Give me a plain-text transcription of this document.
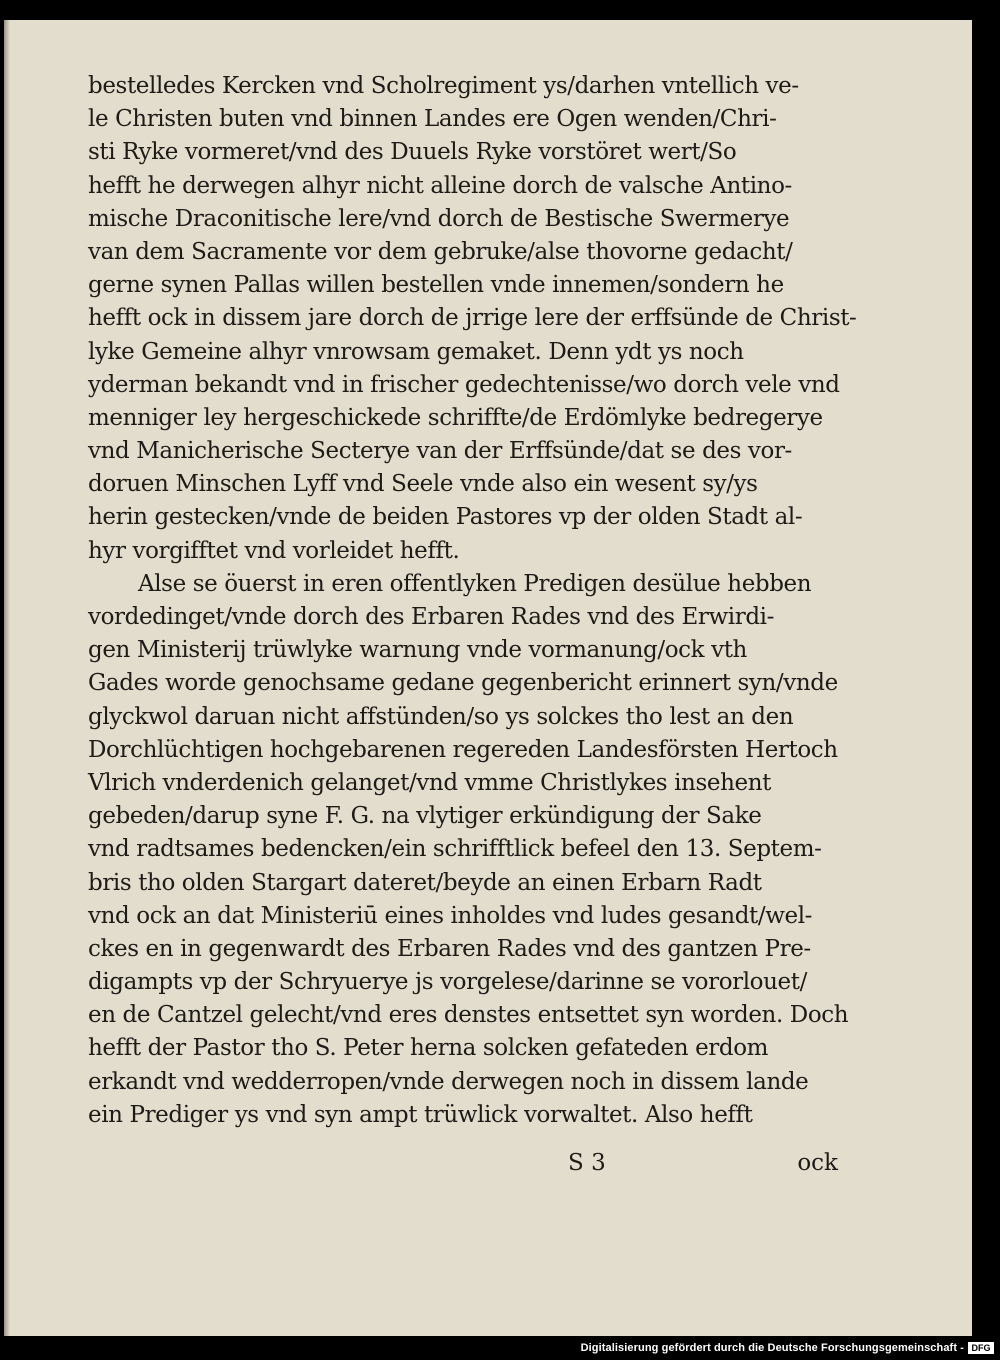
bestelledes Kercken vnd Scholregiment ys/darhen vntellich ve-
le Christen buten vnd binnen Landes ere Ogen wenden/Chri-
sti Ryke vormeret/vnd des Duuels Ryke vorstöret wert/So
hefft he derwegen alhyr nicht alleine dorch de valsche Antino-
mische Draconitische lere/vnd dorch de Bestische Swermerye
van dem Sacramente vor dem gebruke/alse thovorne gedacht/
gerne synen Pallas willen bestellen vnde innemen/sondern he
hefft ock in dissem jare dorch de jrrige lere der erffsünde de Christ-
lyke Gemeine alhyr vnrowsam gemaket. Denn ydt ys noch
yderman bekandt vnd in frischer gedechtenisse/wo dorch vele vnd
menniger ley hergeschickede schriffte/de Erdömlyke bedregerye
vnd Manicherische Secterye van der Erffsünde/dat se des vor-
doruen Minschen Lyff vnd Seele vnde also ein wesent sy/ys
herin gestecken/vnde de beiden Pastores vp der olden Stadt al-
hyr vorgifftet vnd vorleidet hefft.
Alse se öuerst in eren offentlyken Predigen desülue hebben
vordedinget/vnde dorch des Erbaren Rades vnd des Erwirdi-
gen Ministerij trüwlyke warnung vnde vormanung/ock vth
Gades worde genochsame gedane gegenbericht erinnert syn/vnde
glyckwol daruan nicht affstünden/so ys solckes tho lest an den
Dorchlüchtigen hochgebarenen regereden Landesförsten Hertoch
Vlrich vnderdenich gelanget/vnd vmme Christlykes insehent
gebeden/darup syne F. G. na vlytiger erkündigung der Sake
vnd radtsames bedencken/ein schrifftlick befeel den 13. Septem-
bris tho olden Stargart dateret/beyde an einen Erbarn Radt
vnd ock an dat Ministeriū eines inholdes vnd ludes gesandt/wel-
ckes en in gegenwardt des Erbaren Rades vnd des gantzen Pre-
digampts vp der Schryuerye js vorgelese/darinne se vororlouet/
en de Cantzel gelecht/vnd eres denstes entsettet syn worden. Doch
hefft der Pastor tho S. Peter herna solcken gefateden erdom
erkandt vnd wedderropen/vnde derwegen noch in dissem lande
ein Prediger ys vnd syn ampt trüwlick vorwaltet. Also hefft
S 3	ock
Digitalisierung gefördert durch die Deutsche Forschungsgemeinschaft - DFG
